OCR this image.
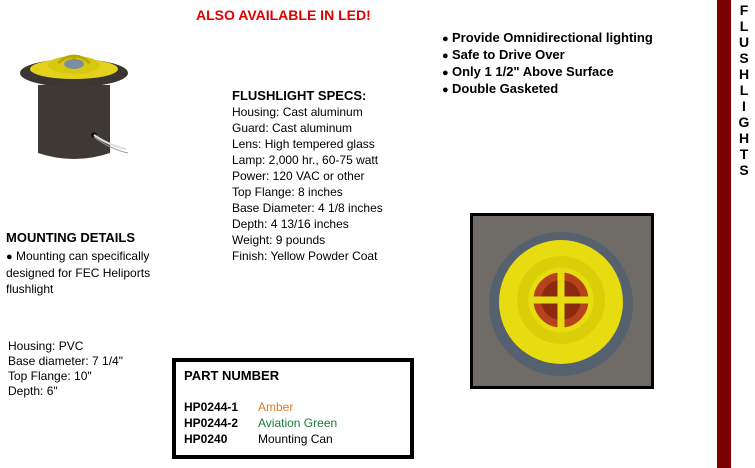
ALSO AVAILABLE IN LED!
● Provide Omnidirectional lighting
● Safe to Drive Over
● Only 1 1/2" Above Surface
● Double Gasketed
FLUSHLIGHT SPECS:
Housing: Cast aluminum
Guard: Cast aluminum
Lens: High tempered glass
Lamp: 2,000 hr., 60-75 watt
Power: 120 VAC or other
Top Flange: 8 inches
Base Diameter: 4 1/8 inches
Depth: 4 13/16 inches
Weight: 9 pounds
Finish: Yellow Powder Coat
MOUNTING DETAILS
● Mounting can specifically
designed for FEC Heliports
flushlight
Housing: PVC
Base diameter: 7 1/4"
Top Flange: 10"
Depth: 6"
PART NUMBER
HP0244-1 Amber
HP0244-2 Aviation Green
HP0240	Mounting Can
F
L
U
S
H
L
I
G
H
T
S
